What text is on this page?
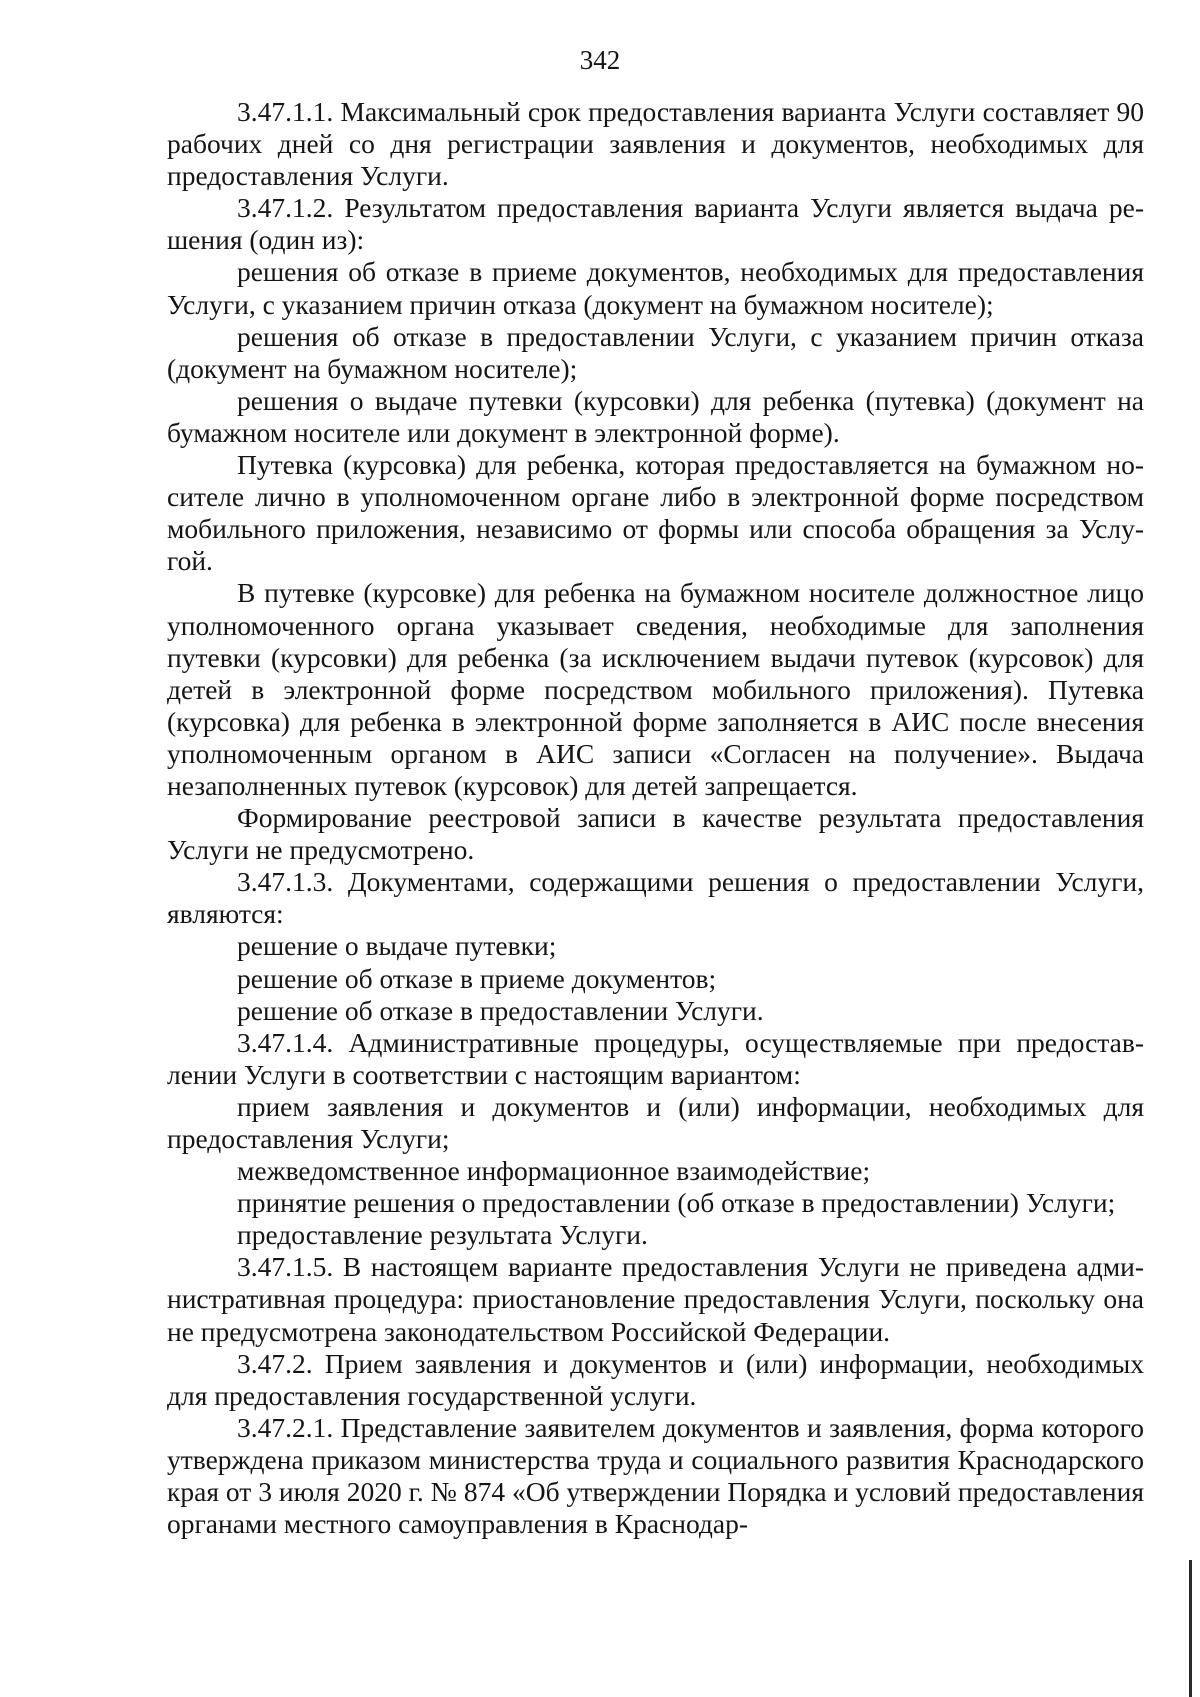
342

3.47.1.1. Максимальный срок предоставления варианта Услуги составляет 90 рабочих дней со дня регистрации заявления и документов, необходимых для предоставления Услуги.

3.47.1.2. Результатом предоставления варианта Услуги является выдача решения (один из):

решения об отказе в приеме документов, необходимых для предоставления Услуги, с указанием причин отказа (документ на бумажном носителе);

решения об отказе в предоставлении Услуги, с указанием причин отказа (документ на бумажном носителе);

решения о выдаче путевки (курсовки) для ребенка (путевка) (документ на бумажном носителе или документ в электронной форме).

Путевка (курсовка) для ребенка, которая предоставляется на бумажном носителе лично в уполномоченном органе либо в электронной форме посредством мобильного приложения, независимо от формы или способа обращения за Услугой.

В путевке (курсовке) для ребенка на бумажном носителе должностное лицо уполномоченного органа указывает сведения, необходимые для заполнения путевки (курсовки) для ребенка (за исключением выдачи путевок (курсовок) для детей в электронной форме посредством мобильного приложения). Путевка (курсовка) для ребенка в электронной форме заполняется в АИС после внесения уполномоченным органом в АИС записи «Согласен на получение». Выдача незаполненных путевок (курсовок) для детей запрещается.

Формирование реестровой записи в качестве результата предоставления Услуги не предусмотрено.

3.47.1.3. Документами, содержащими решения о предоставлении Услуги, являются:

решение о выдаче путевки;

решение об отказе в приеме документов;

решение об отказе в предоставлении Услуги.

3.47.1.4. Административные процедуры, осуществляемые при предоставлении Услуги в соответствии с настоящим вариантом:

прием заявления и документов и (или) информации, необходимых для предоставления Услуги;

межведомственное информационное взаимодействие;

принятие решения о предоставлении (об отказе в предоставлении) Услуги;

предоставление результата Услуги.

3.47.1.5. В настоящем варианте предоставления Услуги не приведена административная процедура: приостановление предоставления Услуги, поскольку она не предусмотрена законодательством Российской Федерации.

3.47.2. Прием заявления и документов и (или) информации, необходимых для предоставления государственной услуги.

3.47.2.1. Представление заявителем документов и заявления, форма которого утверждена приказом министерства труда и социального развития Краснодарского края от 3 июля 2020 г. № 874 «Об утверждении Порядка и условий предоставления органами местного самоуправления в Краснодар-
